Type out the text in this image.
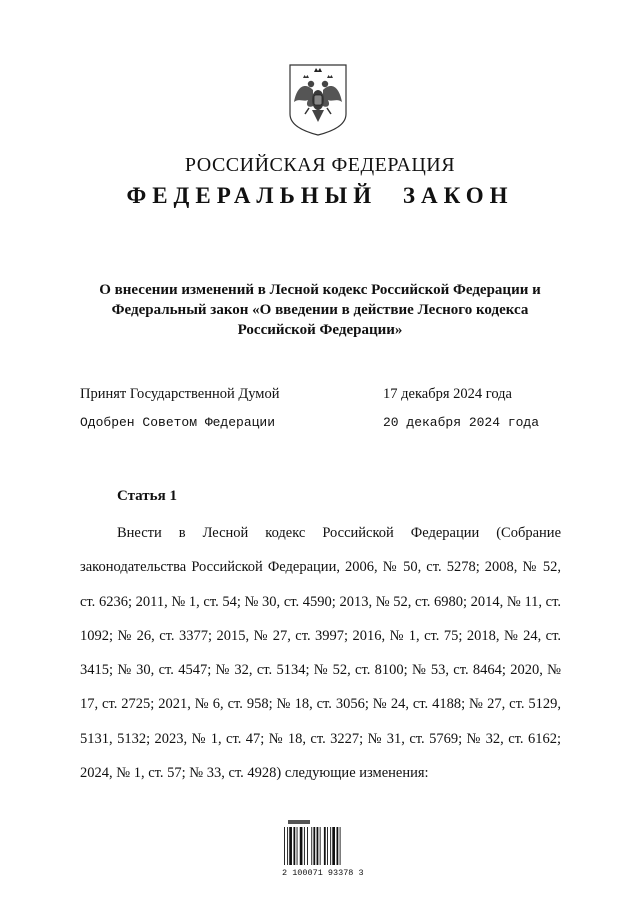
РОССИЙСКАЯ ФЕДЕРАЦИЯ
ФЕДЕРАЛЬНЫЙ ЗАКОН
О внесении изменений в Лесной кодекс Российской Федерации и Федеральный закон «О введении в действие Лесного кодекса Российской Федерации»
Принят Государственной Думой	17 декабря 2024 года
Одобрен Советом Федерации	20 декабря 2024 года
Статья 1

Внести в Лесной кодекс Российской Федерации (Собрание законодательства Российской Федерации, 2006, № 50, ст. 5278; 2008, № 52, ст. 6236; 2011, № 1, ст. 54; № 30, ст. 4590; 2013, № 52, ст. 6980; 2014, № 11, ст. 1092; № 26, ст. 3377; 2015, № 27, ст. 3997; 2016, № 1, ст. 75; 2018, № 24, ст. 3415; № 30, ст. 4547; № 32, ст. 5134; № 52, ст. 8100; № 53, ст. 8464; 2020, № 17, ст. 2725; 2021, № 6, ст. 958; № 18, ст. 3056; № 24, ст. 4188; № 27, ст. 5129, 5131, 5132; 2023, № 1, ст. 47; № 18, ст. 3227; № 31, ст. 5769; № 32, ст. 6162; 2024, № 1, ст. 57; № 33, ст. 4928) следующие изменения:

2 100071 93378 3
